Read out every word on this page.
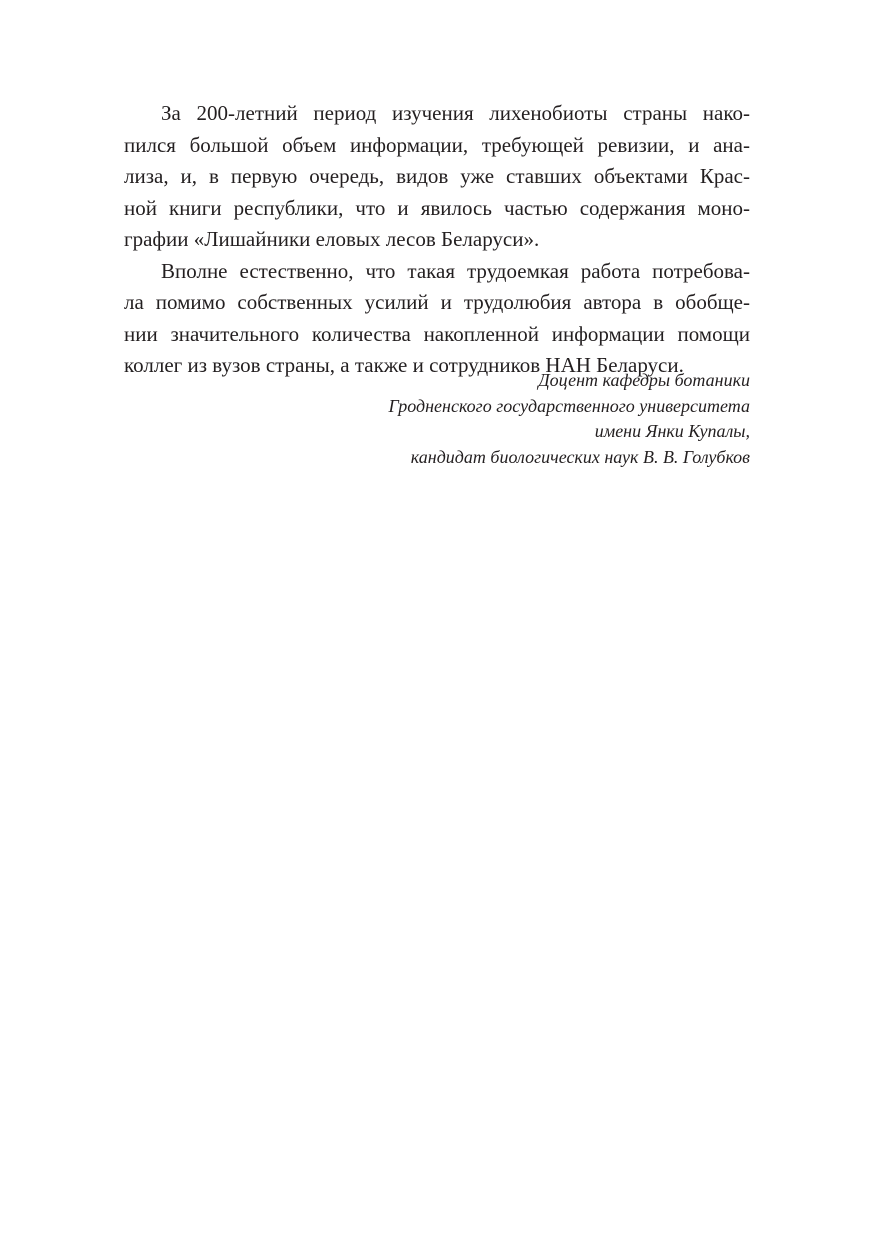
За 200-летний период изучения лихенобиоты страны нако-
пился большой объем информации, требующей ревизии, и ана-
лиза, и, в первую очередь, видов уже ставших объектами Крас-
ной книги республики, что и явилось частью содержания моно-
графии «Лишайники еловых лесов Беларуси».
Вполне естественно, что такая трудоемкая работа потребова-
ла помимо собственных усилий и трудолюбия автора в обобще-
нии значительного количества накопленной информации помощи
коллег из вузов страны, а также и сотрудников НАН Беларуси.
Доцент кафедры ботаники
Гродненского государственного университета
имени Янки Купалы,
кандидат биологических наук В. В. Голубков
